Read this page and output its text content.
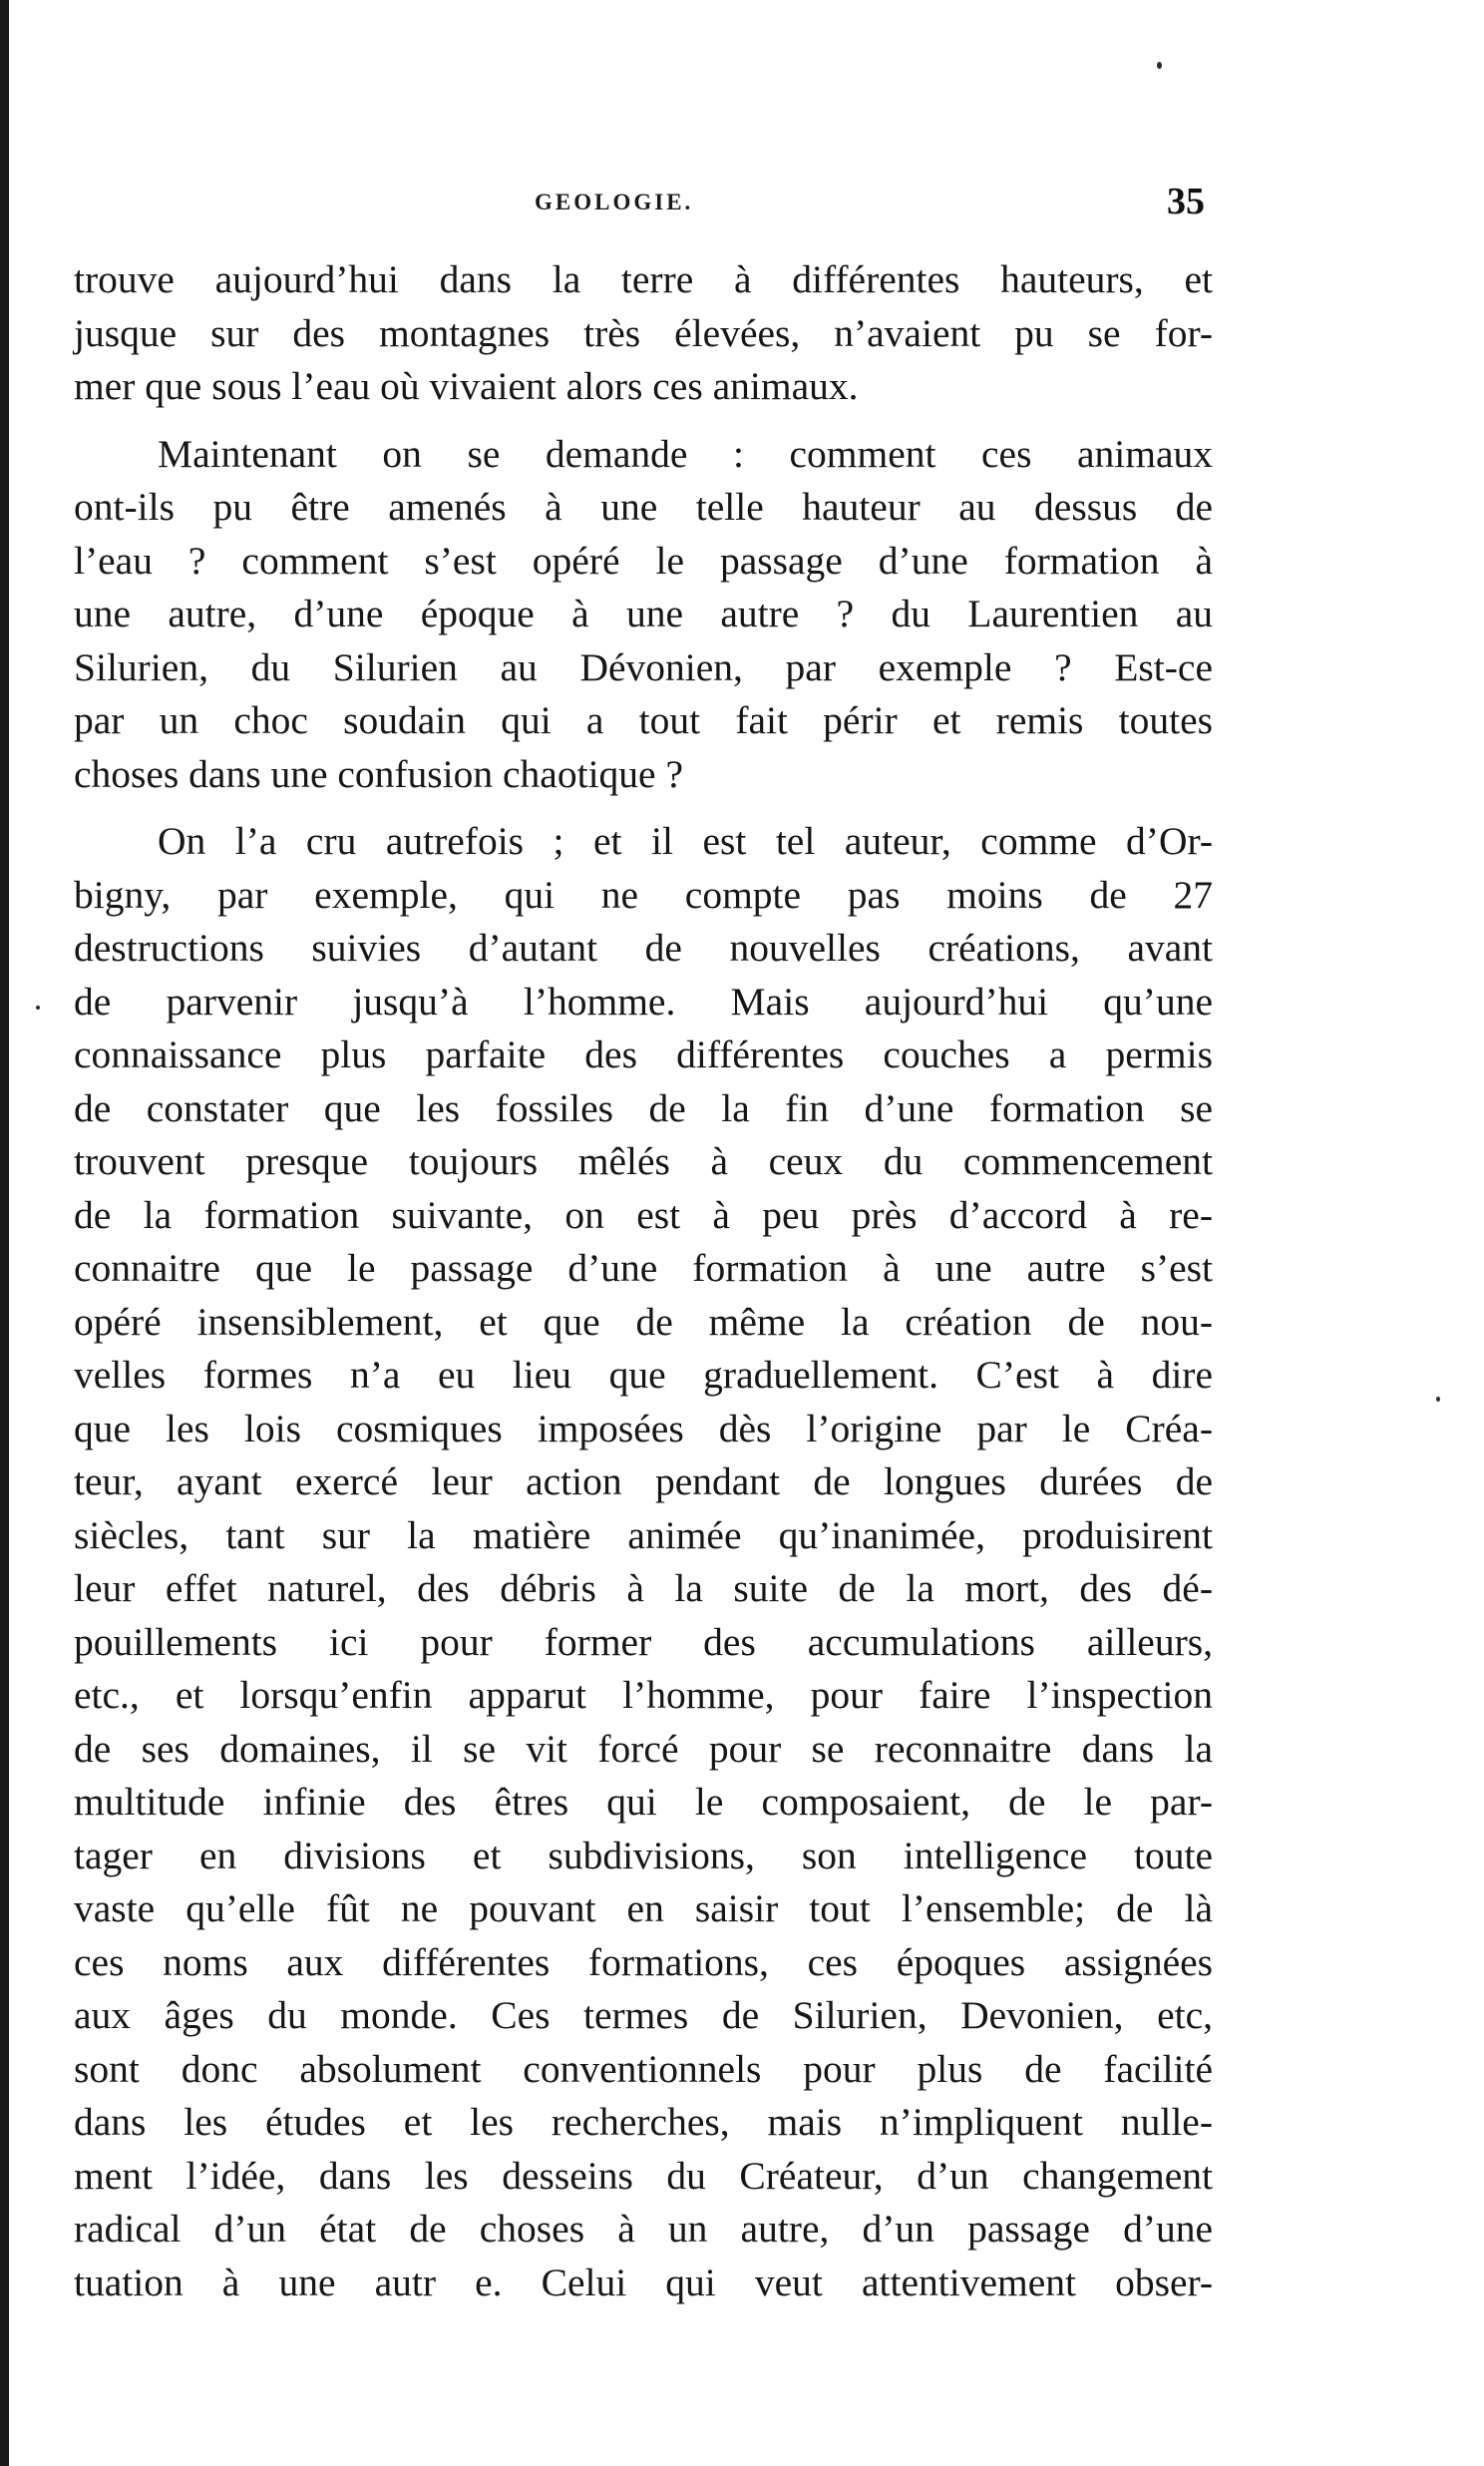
GEOLOGIE.	35

trouve aujourd’hui dans la terre à différentes hauteurs, et
jusque sur des montagnes très élevées, n’avaient pu se for-
mer que sous l’eau où vivaient alors ces animaux.

Maintenant on se demande : comment ces animaux
ont-ils pu être amenés à une telle hauteur au dessus de
l’eau ? comment s’est opéré le passage d’une formation à
une autre, d’une époque à une autre ? du Laurentien au
Silurien, du Silurien au Dévonien, par exemple ? Est-ce
par un choc soudain qui a tout fait périr et remis toutes
choses dans une confusion chaotique ?

On l’a cru autrefois ; et il est tel auteur, comme d’Or-
bigny, par exemple, qui ne compte pas moins de 27
destructions suivies d’autant de nouvelles créations, avant
de parvenir jusqu’à l’homme. Mais aujourd’hui qu’une
connaissance plus parfaite des différentes couches a permis
de constater que les fossiles de la fin d’une formation se
trouvent presque toujours mêlés à ceux du commencement
de la formation suivante, on est à peu près d’accord à re-
connaitre que le passage d’une formation à une autre s’est
opéré insensiblement, et que de même la création de nou-
velles formes n’a eu lieu que graduellement. C’est à dire
que les lois cosmiques imposées dès l’origine par le Créa-
teur, ayant exercé leur action pendant de longues durées de
siècles, tant sur la matière animée qu’inanimée, produisirent
leur effet naturel, des débris à la suite de la mort, des dé-
pouillements ici pour former des accumulations ailleurs,
etc., et lorsqu’enfin apparut l’homme, pour faire l’inspection
de ses domaines, il se vit forcé pour se reconnaitre dans la
multitude infinie des êtres qui le composaient, de le par-
tager en divisions et subdivisions, son intelligence toute
vaste qu’elle fût ne pouvant en saisir tout l’ensemble; de là
ces noms aux différentes formations, ces époques assignées
aux âges du monde. Ces termes de Silurien, Devonien, etc,
sont donc absolument conventionnels pour plus de facilité
dans les études et les recherches, mais n’impliquent nulle-
ment l’idée, dans les desseins du Créateur, d’un changement
radical d’un état de choses à un autre, d’un passage d’une
tuation à une autr e. Celui qui veut attentivement obser-
